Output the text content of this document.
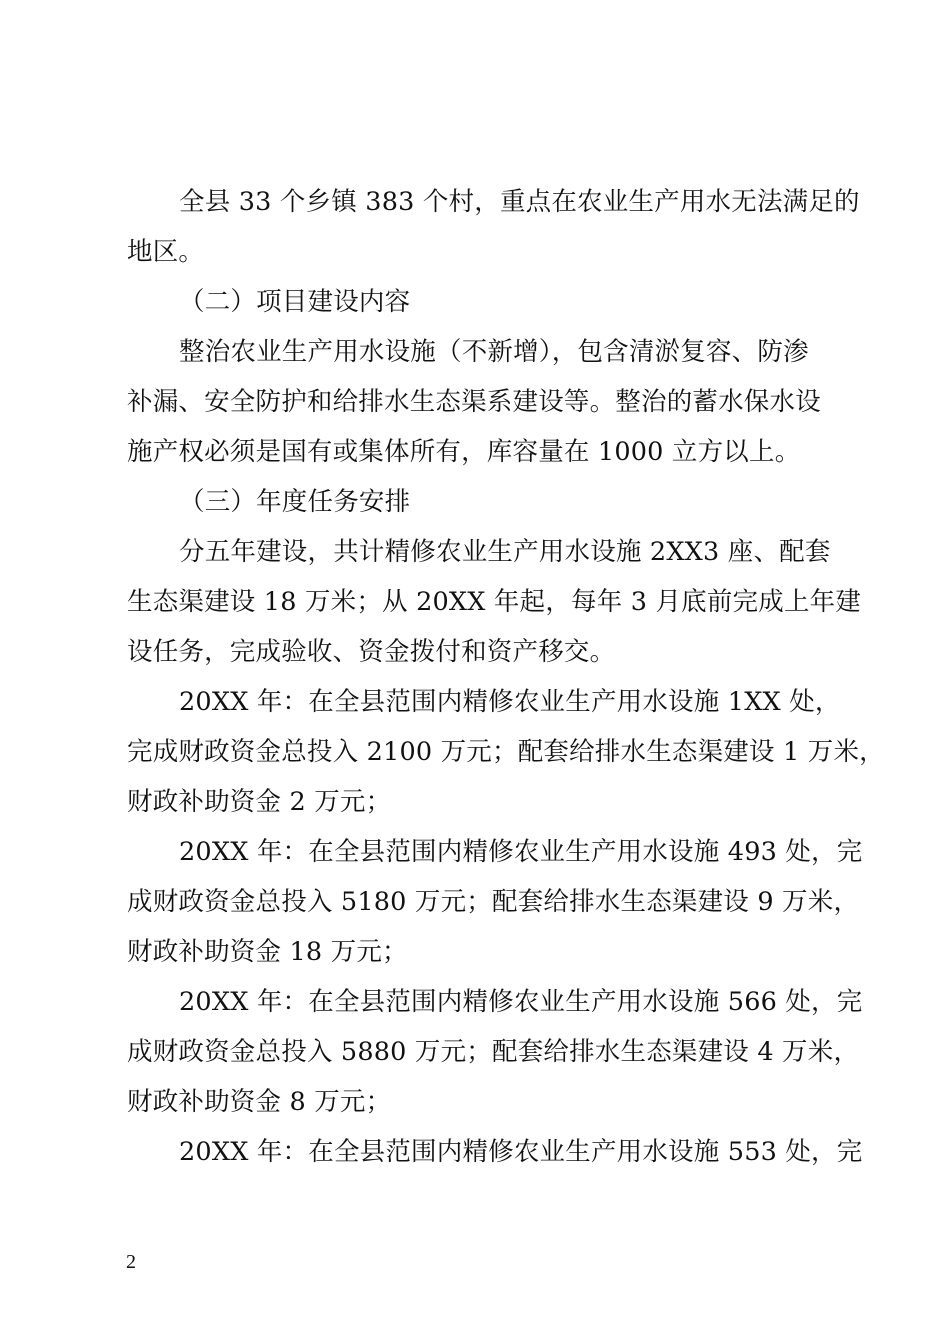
全县 33 个乡镇 383 个村，重点在农业生产用水无法满足的
地区。
（二）项目建设内容
整治农业生产用水设施（不新增），包含清淤复容、防渗
补漏、安全防护和给排水生态渠系建设等。整治的蓄水保水设
施产权必须是国有或集体所有，库容量在 1000 立方以上。
（三）年度任务安排
分五年建设，共计精修农业生产用水设施 2XX3 座、配套
生态渠建设 18 万米；从 20XX 年起，每年 3 月底前完成上年建
设任务，完成验收、资金拨付和资产移交。
20XX 年：在全县范围内精修农业生产用水设施 1XX 处，
完成财政资金总投入 2100 万元；配套给排水生态渠建设 1 万米，
财政补助资金 2 万元；
20XX 年：在全县范围内精修农业生产用水设施 493 处，完
成财政资金总投入 5180 万元；配套给排水生态渠建设 9 万米，
财政补助资金 18 万元；
20XX 年：在全县范围内精修农业生产用水设施 566 处，完
成财政资金总投入 5880 万元；配套给排水生态渠建设 4 万米，
财政补助资金 8 万元；
20XX 年：在全县范围内精修农业生产用水设施 553 处，完
2
